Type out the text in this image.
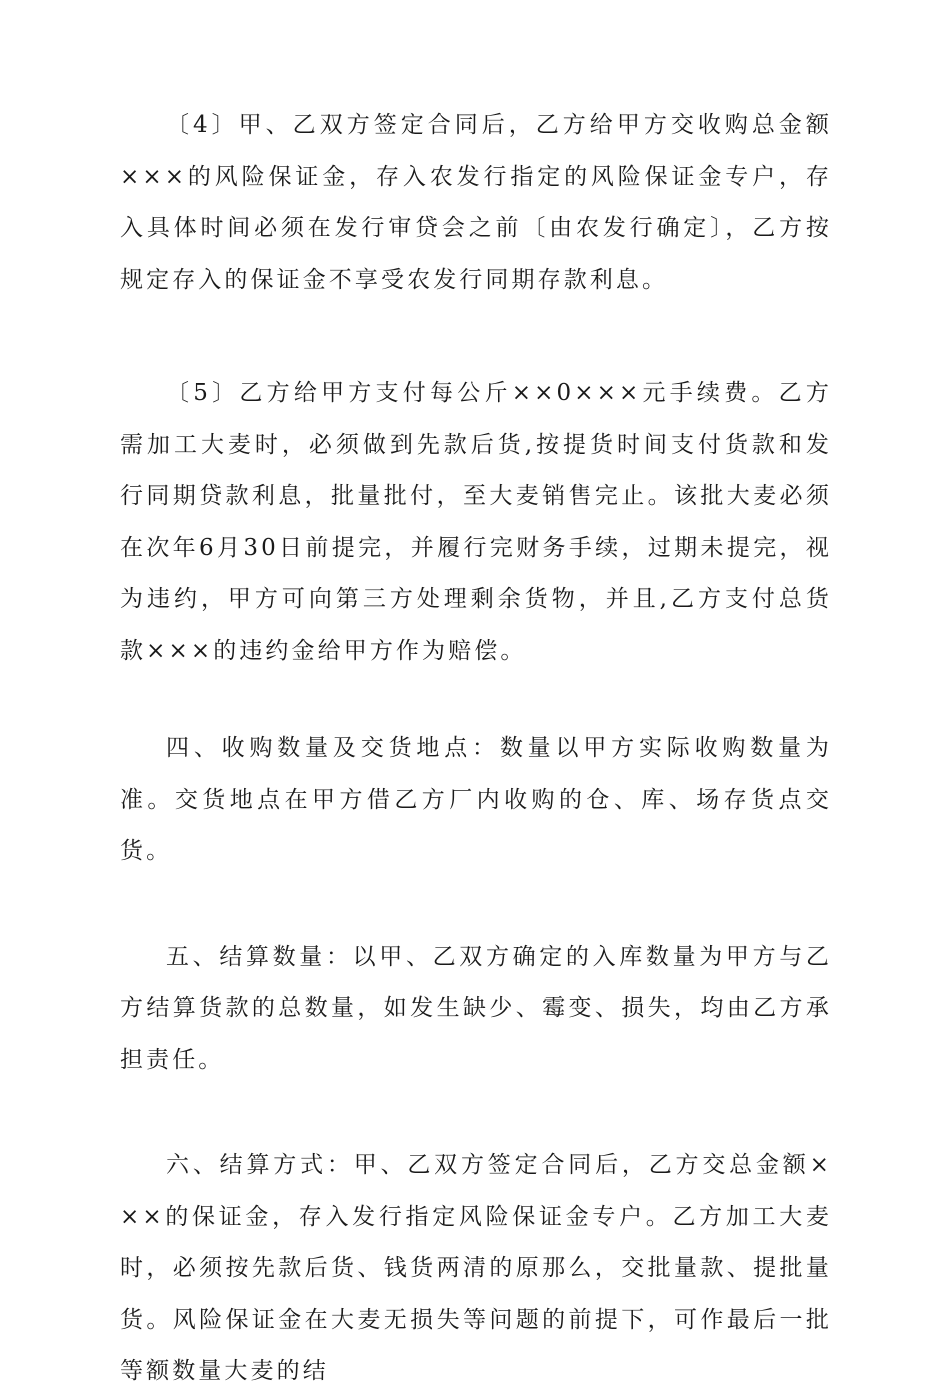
〔4〕甲、乙双方签定合同后，乙方给甲方交收购总金额×××的风险保证金，存入农发行指定的风险保证金专户，存入具体时间必须在发行审贷会之前〔由农发行确定〕，乙方按规定存入的保证金不享受农发行同期存款利息。

〔5〕乙方给甲方支付每公斤××0×××元手续费。乙方需加工大麦时，必须做到先款后货,按提货时间支付货款和发行同期贷款利息，批量批付，至大麦销售完止。该批大麦必须在次年6月30日前提完，并履行完财务手续，过期未提完，视为违约，甲方可向第三方处理剩余货物，并且,乙方支付总货款×××的违约金给甲方作为赔偿。

四、收购数量及交货地点：数量以甲方实际收购数量为准。交货地点在甲方借乙方厂内收购的仓、库、场存货点交货。

五、结算数量：以甲、乙双方确定的入库数量为甲方与乙方结算货款的总数量，如发生缺少、霉变、损失，均由乙方承担责任。

六、结算方式：甲、乙双方签定合同后，乙方交总金额×××的保证金，存入发行指定风险保证金专户。乙方加工大麦时，必须按先款后货、钱货两清的原那么，交批量款、提批量货。风险保证金在大麦无损失等问题的前提下，可作最后一批等额数量大麦的结
